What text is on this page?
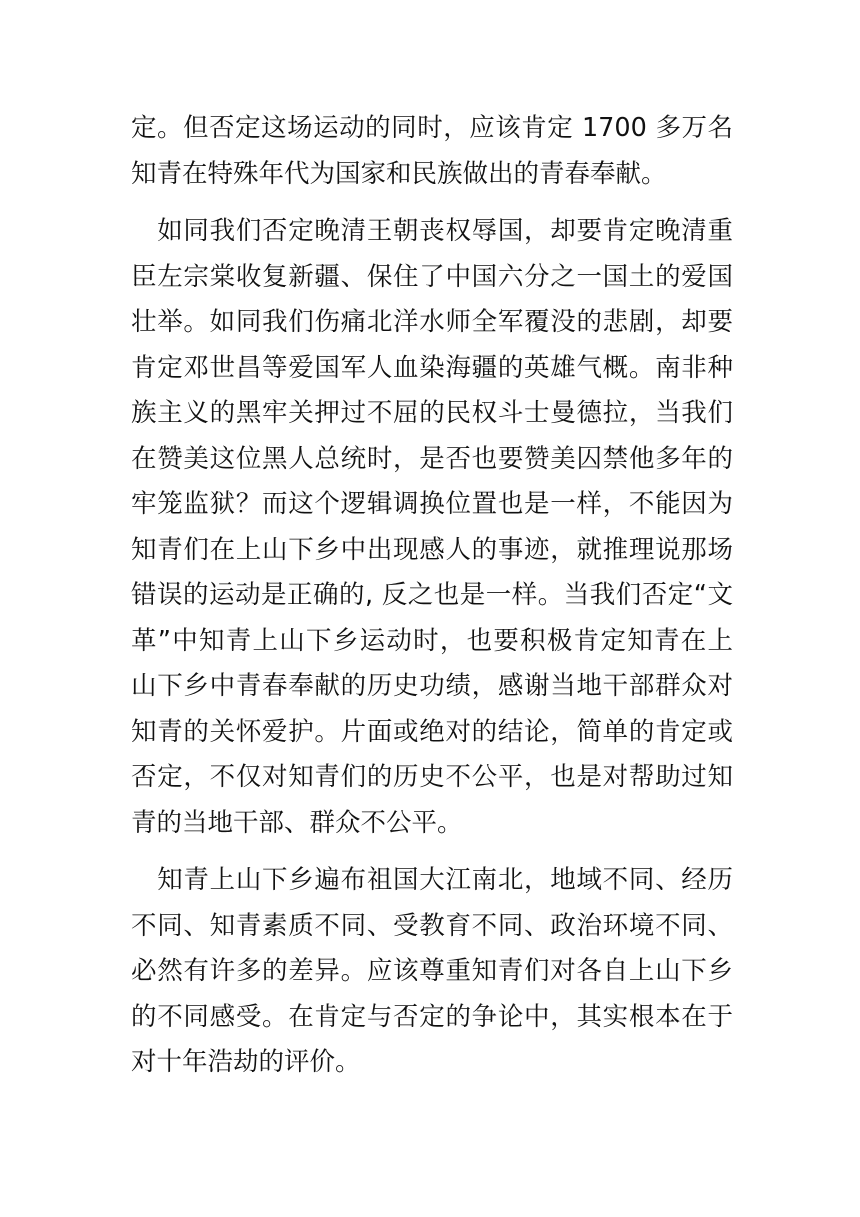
定。但否定这场运动的同时，应该肯定 1700 多万名
知青在特殊年代为国家和民族做出的青春奉献。
　如同我们否定晚清王朝丧权辱国，却要肯定晚清重
臣左宗棠收复新疆、保住了中国六分之一国土的爱国
壮举。如同我们伤痛北洋水师全军覆没的悲剧，却要
肯定邓世昌等爱国军人血染海疆的英雄气概。南非种
族主义的黑牢关押过不屈的民权斗士曼德拉，当我们
在赞美这位黑人总统时，是否也要赞美囚禁他多年的
牢笼监狱？而这个逻辑调换位置也是一样，不能因为
知青们在上山下乡中出现感人的事迹，就推理说那场
错误的运动是正确的, 反之也是一样。当我们否定“文
革”中知青上山下乡运动时，也要积极肯定知青在上
山下乡中青春奉献的历史功绩，感谢当地干部群众对
知青的关怀爱护。片面或绝对的结论，简单的肯定或
否定，不仅对知青们的历史不公平，也是对帮助过知
青的当地干部、群众不公平。
　知青上山下乡遍布祖国大江南北，地域不同、经历
不同、知青素质不同、受教育不同、政治环境不同、
必然有许多的差异。应该尊重知青们对各自上山下乡
的不同感受。在肯定与否定的争论中，其实根本在于
对十年浩劫的评价。
